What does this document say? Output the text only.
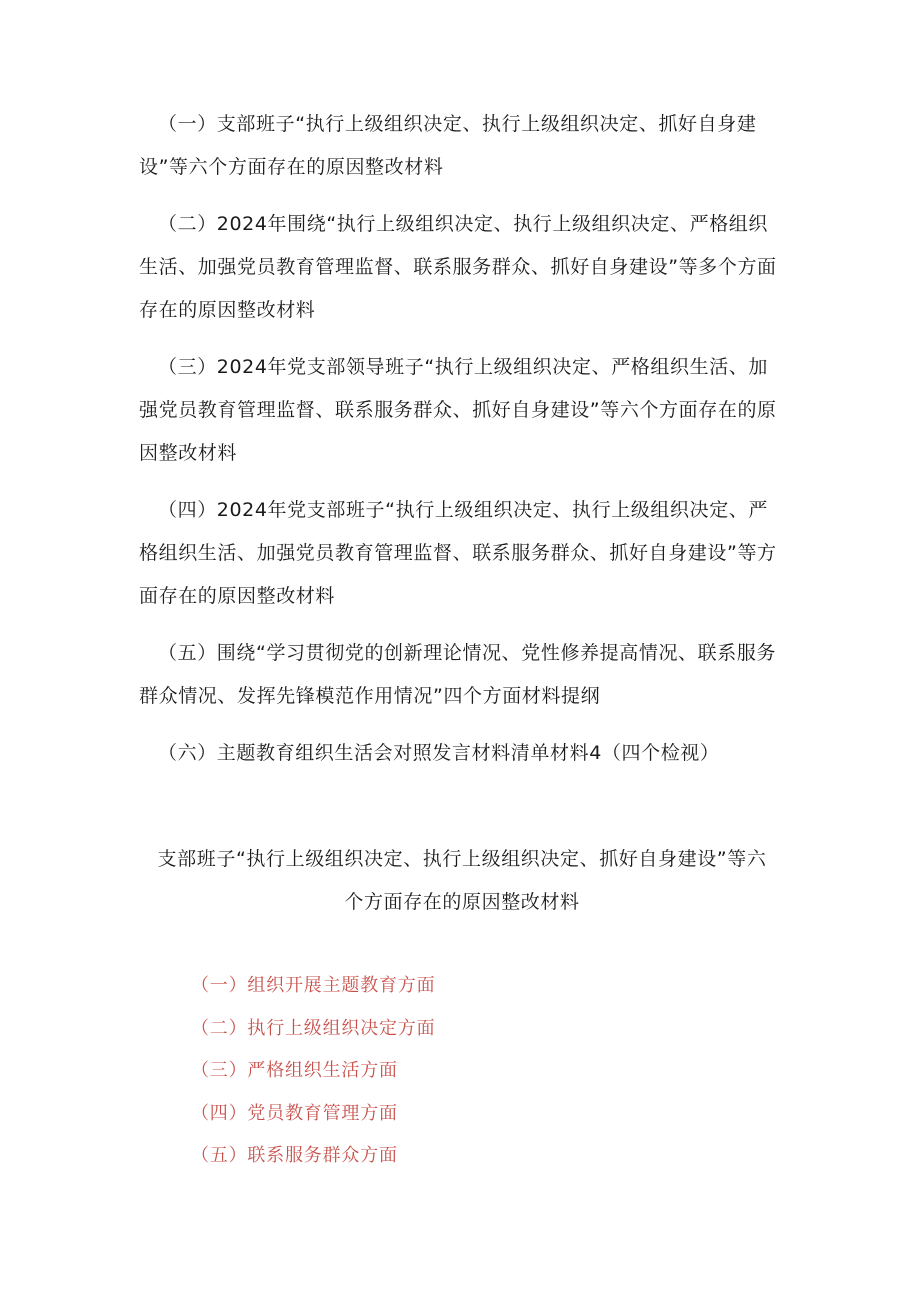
（一）支部班子“执行上级组织决定、执行上级组织决定、抓好自身建设”等六个方面存在的原因整改材料

（二）2024年围绕“执行上级组织决定、执行上级组织决定、严格组织生活、加强党员教育管理监督、联系服务群众、抓好自身建设”等多个方面存在的原因整改材料

（三）2024年党支部领导班子“执行上级组织决定、严格组织生活、加强党员教育管理监督、联系服务群众、抓好自身建设”等六个方面存在的原因整改材料

（四）2024年党支部班子“执行上级组织决定、执行上级组织决定、严格组织生活、加强党员教育管理监督、联系服务群众、抓好自身建设”等方面存在的原因整改材料

（五）围绕“学习贯彻党的创新理论情况、党性修养提高情况、联系服务群众情况、发挥先锋模范作用情况”四个方面材料提纲

（六）主题教育组织生活会对照发言材料清单材料4（四个检视）

支部班子“执行上级组织决定、执行上级组织决定、抓好自身建设”等六个方面存在的原因整改材料
（一）组织开展主题教育方面
（二）执行上级组织决定方面
（三）严格组织生活方面
（四）党员教育管理方面
（五）联系服务群众方面
